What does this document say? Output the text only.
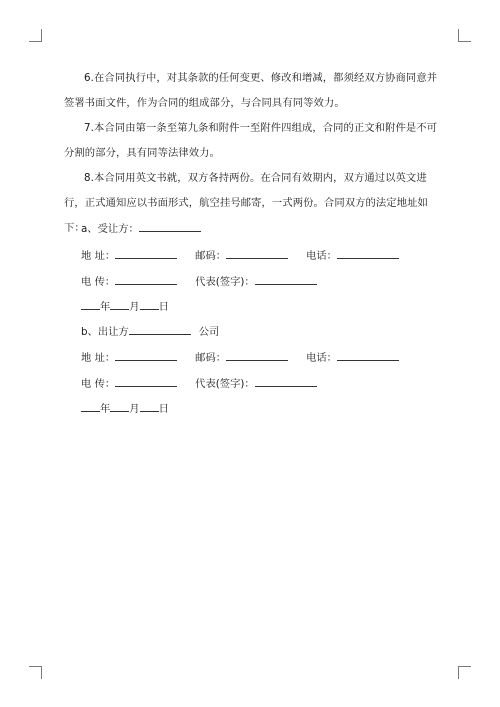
6.在合同执行中，对其条款的任何变更、修改和增减，都须经双方协商同意并签署书面文件，作为合同的组成部分，与合同具有同等效力。

7.本合同由第一条至第九条和附件一至附件四组成，合同的正文和附件是不可分割的部分，具有同等法律效力。

8.本合同用英文书就，双方各持两份。在合同有效期内，双方通过以英文进行，正式通知应以书面形式，航空挂号邮寄，一式两份。合同双方的法定地址如下：

a、受让方：
地 址：	邮码：	电话：
电 传：	代表(签字)：
年 月 日
b、出让方	公司
地 址：	邮码：	电话：
电 传：	代表(签字)：
年 月 日
